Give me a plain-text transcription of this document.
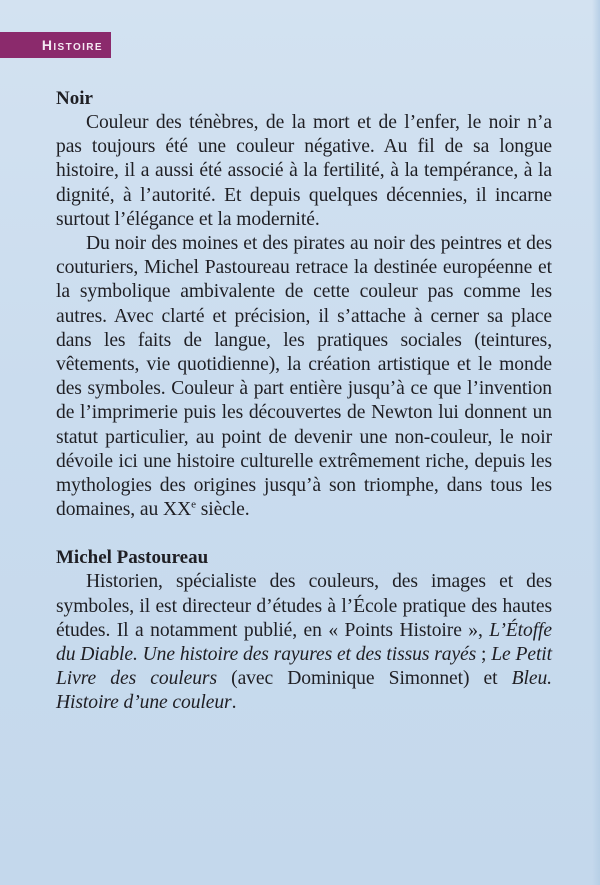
Histoire
Noir

Couleur des ténèbres, de la mort et de l’enfer, le noir n’a pas toujours été une couleur négative. Au fil de sa longue histoire, il a aussi été associé à la fertilité, à la tempérance, à la dignité, à l’autorité. Et depuis quelques décennies, il incarne surtout l’élégance et la modernité.

Du noir des moines et des pirates au noir des peintres et des couturiers, Michel Pastoureau retrace la destinée européenne et la symbolique ambivalente de cette couleur pas comme les autres. Avec clarté et précision, il s’attache à cerner sa place dans les faits de langue, les pratiques sociales (teintures, vêtements, vie quotidienne), la création artistique et le monde des symboles. Couleur à part entière jusqu’à ce que l’invention de l’imprimerie puis les découvertes de Newton lui donnent un statut particulier, au point de devenir une non-couleur, le noir dévoile ici une histoire culturelle extrêmement riche, depuis les mythologies des origines jusqu’à son triomphe, dans tous les domaines, au XXe siècle.

Michel Pastoureau

Historien, spécialiste des couleurs, des images et des symboles, il est directeur d’études à l’École pratique des hautes études. Il a notamment publié, en « Points Histoire », L’Étoffe du Diable. Une histoire des rayures et des tissus rayés ; Le Petit Livre des couleurs (avec Dominique Simonnet) et Bleu. Histoire d’une couleur.
